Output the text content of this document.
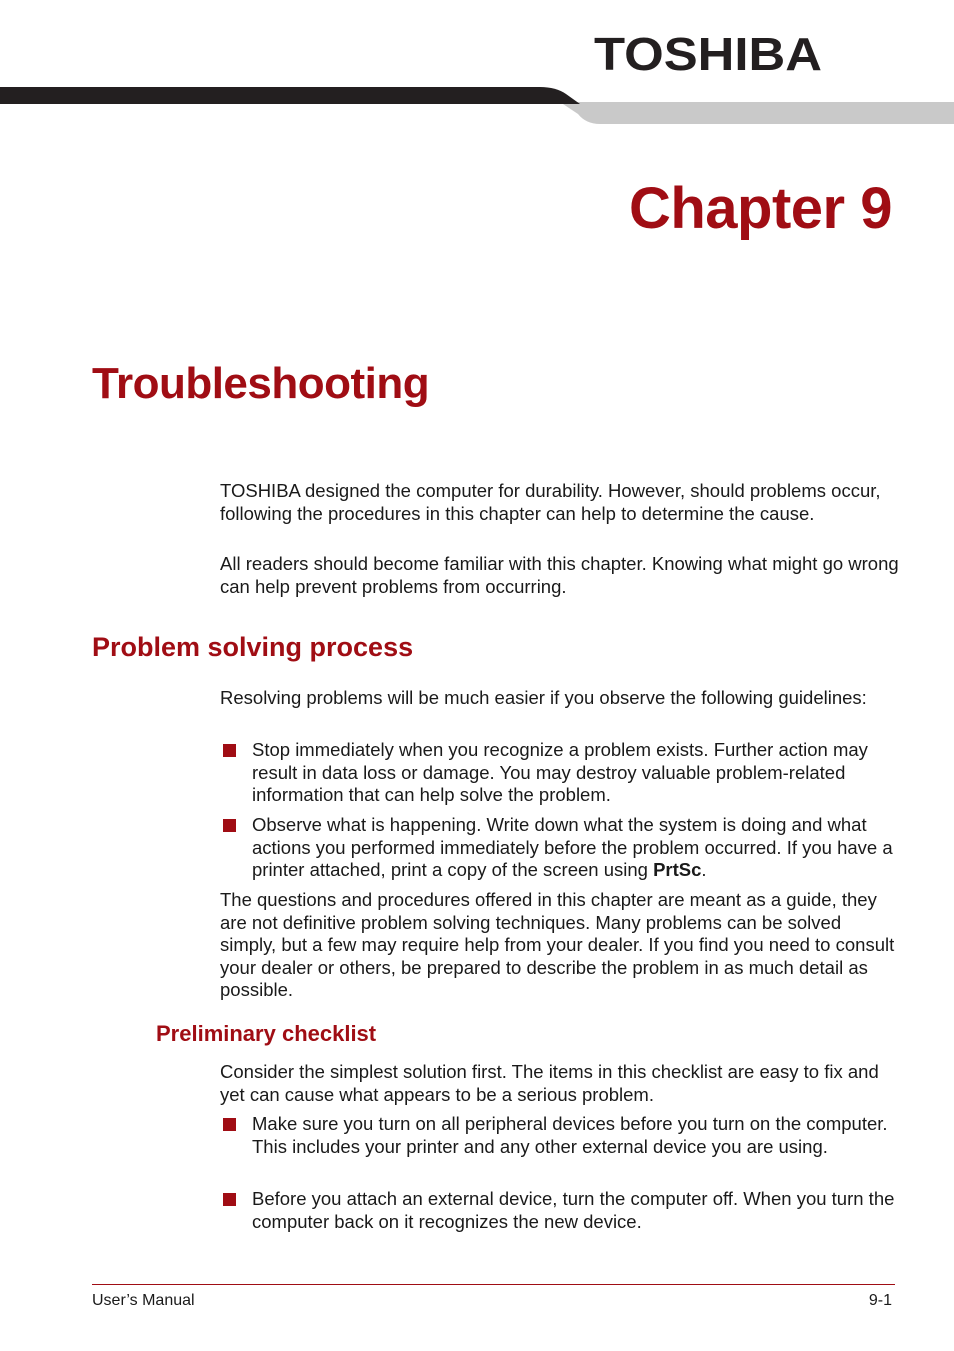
TOSHIBA
Chapter 9
Troubleshooting

TOSHIBA designed the computer for durability. However, should problems occur, following the procedures in this chapter can help to determine the cause.

All readers should become familiar with this chapter. Knowing what might go wrong can help prevent problems from occurring.

Problem solving process

Resolving problems will be much easier if you observe the following guidelines:

Stop immediately when you recognize a problem exists. Further action may result in data loss or damage. You may destroy valuable problem-related information that can help solve the problem.
Observe what is happening. Write down what the system is doing and what actions you performed immediately before the problem occurred. If you have a printer attached, print a copy of the screen using PrtSc.

The questions and procedures offered in this chapter are meant as a guide, they are not definitive problem solving techniques. Many problems can be solved simply, but a few may require help from your dealer. If you find you need to consult your dealer or others, be prepared to describe the problem in as much detail as possible.

Preliminary checklist

Consider the simplest solution first. The items in this checklist are easy to fix and yet can cause what appears to be a serious problem.

Make sure you turn on all peripheral devices before you turn on the computer. This includes your printer and any other external device you are using.
Before you attach an external device, turn the computer off. When you turn the computer back on it recognizes the new device.
User’s Manual	9-1
